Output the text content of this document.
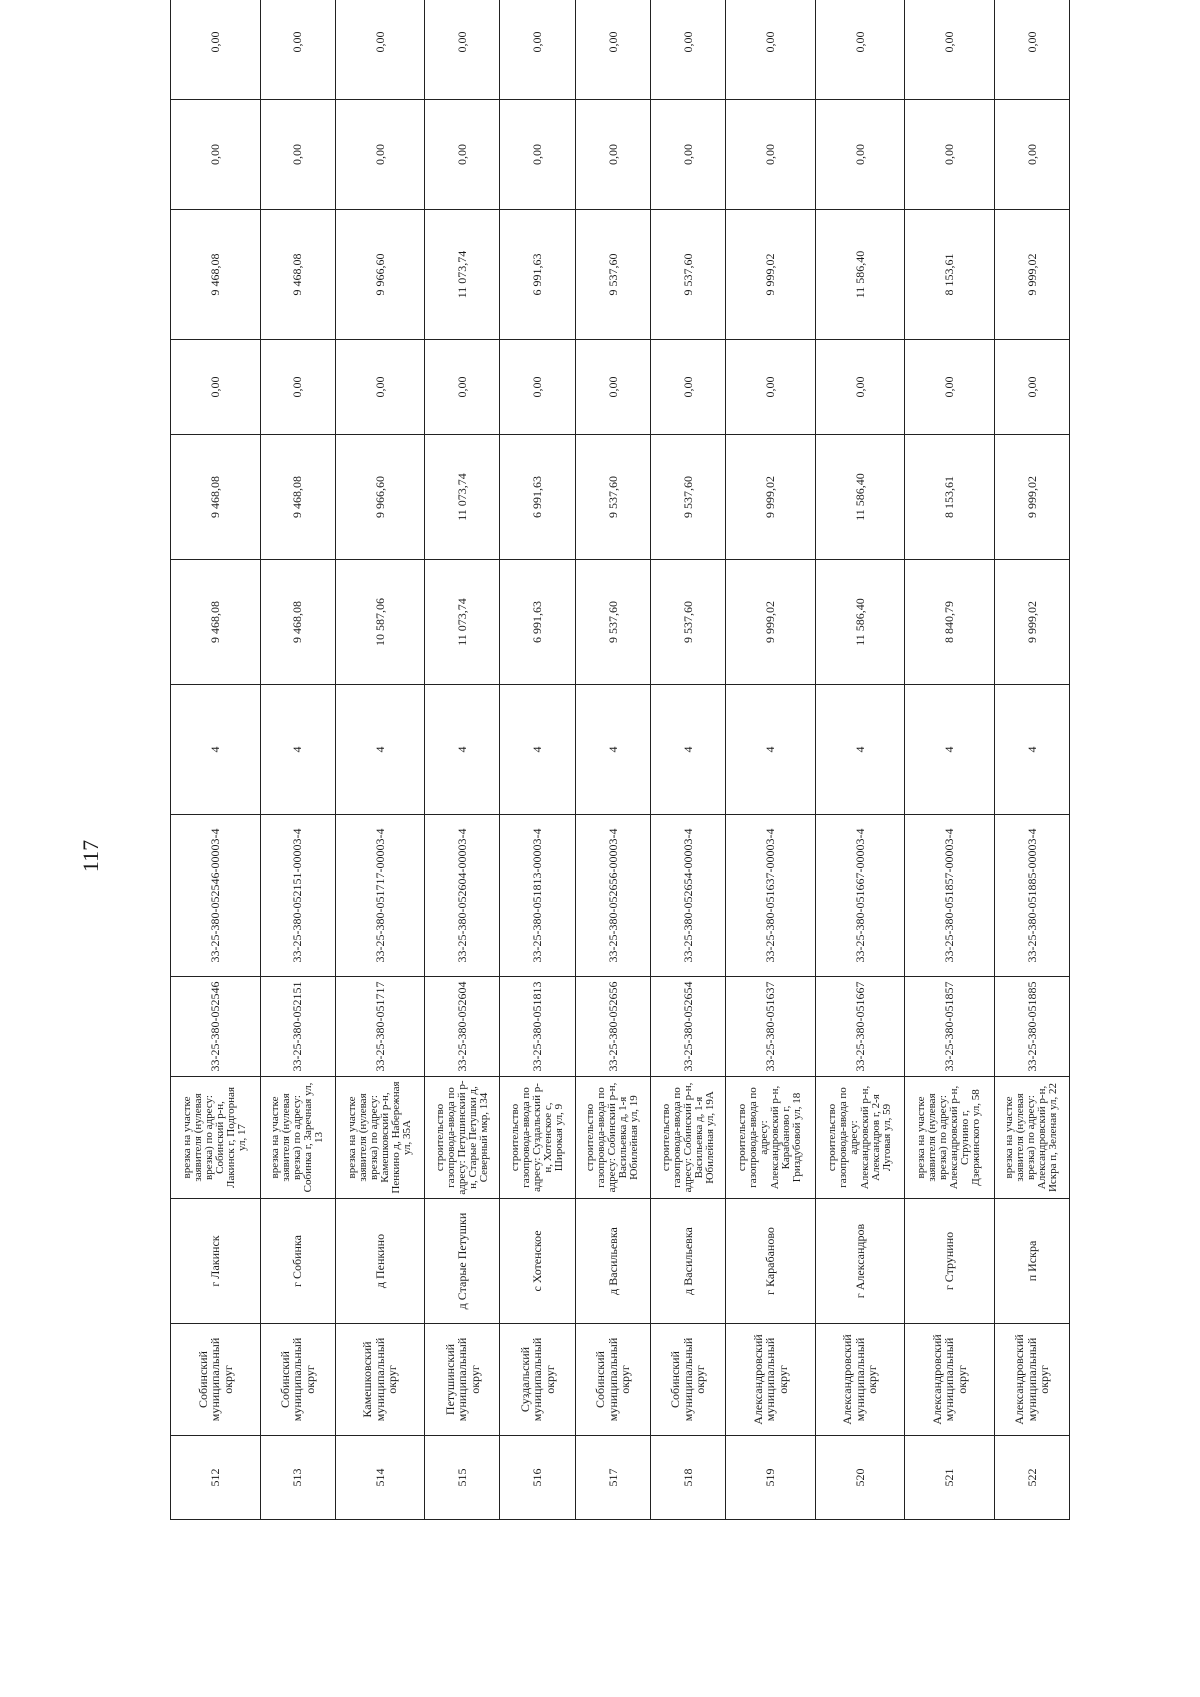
117
512	Собинский муниципальный округ	г Лакинск	врезка на участке заявителя (нулевая врезка) по адресу: Собинский р-н, Лакинск г, Подгорная ул, 17	33-25-380-052546	33-25-380-052546-00003-4	4	9 468,08	9 468,08	0,00	9 468,08	0,00	0,00
513	Собинский муниципальный округ	г Собинка	врезка на участке заявителя (нулевая врезка) по адресу: Собинка г, Заречная ул, 13	33-25-380-052151	33-25-380-052151-00003-4	4	9 468,08	9 468,08	0,00	9 468,08	0,00	0,00
514	Камешковский муниципальный округ	д Пенкино	врезка на участке заявителя (нулевая врезка) по адресу: Камешковский р-н, Пенкино д, Набережная ул, 35А	33-25-380-051717	33-25-380-051717-00003-4	4	10 587,06	9 966,60	0,00	9 966,60	0,00	0,00
515	Петушинский муниципальный округ	д Старые Петушки	строительство газопровода-ввода по адресу: Петушинский р-н, Старые Петушки д, Северный мкр, 134	33-25-380-052604	33-25-380-052604-00003-4	4	11 073,74	11 073,74	0,00	11 073,74	0,00	0,00
516	Суздальский муниципальный округ	с Хотенское	строительство газопровода-ввода по адресу: Суздальский р-н, Хотенское с, Широкая ул, 9	33-25-380-051813	33-25-380-051813-00003-4	4	6 991,63	6 991,63	0,00	6 991,63	0,00	0,00
517	Собинский муниципальный округ	д Васильевка	строительство газопровода-ввода по адресу: Собинский р-н, Васильевка д, 1-я Юбилейная ул, 19	33-25-380-052656	33-25-380-052656-00003-4	4	9 537,60	9 537,60	0,00	9 537,60	0,00	0,00
518	Собинский муниципальный округ	д Васильевка	строительство газопровода-ввода по адресу: Собинский р-н, Васильевка д, 1-я Юбилейная ул, 19А	33-25-380-052654	33-25-380-052654-00003-4	4	9 537,60	9 537,60	0,00	9 537,60	0,00	0,00
519	Александровский муниципальный округ	г Карабаново	строительство газопровода-ввода по адресу: Александровский р-н, Карабаново г, Гриздубовой ул, 18	33-25-380-051637	33-25-380-051637-00003-4	4	9 999,02	9 999,02	0,00	9 999,02	0,00	0,00
520	Александровский муниципальный округ	г Александров	строительство газопровода-ввода по адресу: Александровский р-н, Александров г, 2-я Луговая ул, 59	33-25-380-051667	33-25-380-051667-00003-4	4	11 586,40	11 586,40	0,00	11 586,40	0,00	0,00
521	Александровский муниципальный округ	г Струнино	врезка на участке заявителя (нулевая врезка) по адресу: Александровский р-н, Струнино г, Дзержинского ул, 58	33-25-380-051857	33-25-380-051857-00003-4	4	8 840,79	8 153,61	0,00	8 153,61	0,00	0,00
522	Александровский муниципальный округ	п Искра	врезка на участке заявителя (нулевая врезка) по адресу: Александровский р-н, Искра п, Зеленая ул, 22	33-25-380-051885	33-25-380-051885-00003-4	4	9 999,02	9 999,02	0,00	9 999,02	0,00	0,00
